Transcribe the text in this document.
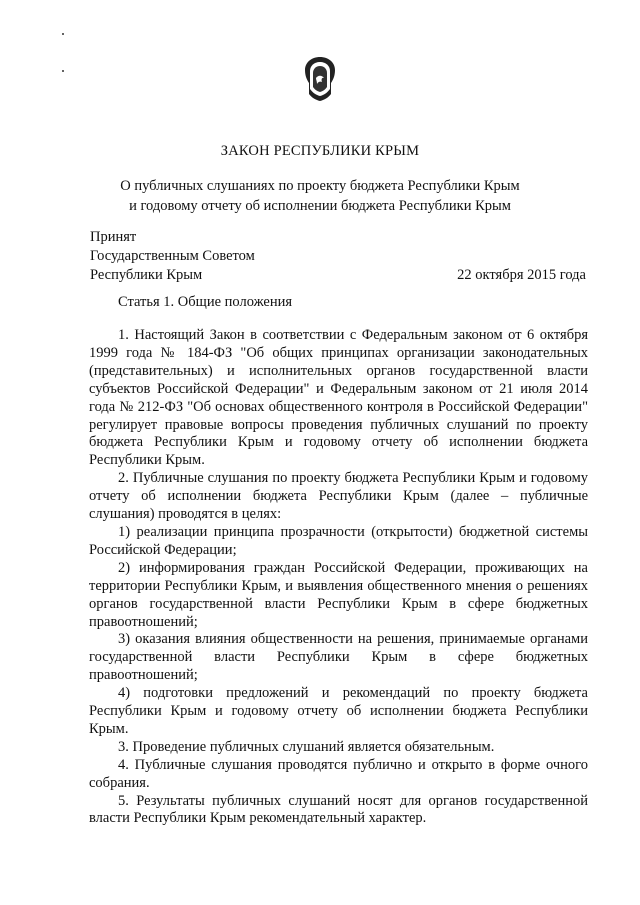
ЗАКОН РЕСПУБЛИКИ КРЫМ
О публичных слушаниях по проекту бюджета Республики Крым
и годовому отчету об исполнении бюджета Республики Крым
Принят
Государственным Советом
Республики Крым	22 октября 2015 года
Статья 1. Общие положения

1. Настоящий Закон в соответствии с Федеральным законом от 6 октября 1999 года № 184-ФЗ "Об общих принципах организации законодательных (представительных) и исполнительных органов государственной власти субъектов Российской Федерации" и Федеральным законом от 21 июля 2014 года № 212-ФЗ "Об основах общественного контроля в Российской Федерации" регулирует правовые вопросы проведения публичных слушаний по проекту бюджета Республики Крым и годовому отчету об исполнении бюджета Республики Крым.

2. Публичные слушания по проекту бюджета Республики Крым и годовому отчету об исполнении бюджета Республики Крым (далее – публичные слушания) проводятся в целях:

1) реализации принципа прозрачности (открытости) бюджетной системы Российской Федерации;

2) информирования граждан Российской Федерации, проживающих на территории Республики Крым, и выявления общественного мнения о решениях органов государственной власти Республики Крым в сфере бюджетных правоотношений;

3) оказания влияния общественности на решения, принимаемые органами государственной власти Республики Крым в сфере бюджетных правоотношений;

4) подготовки предложений и рекомендаций по проекту бюджета Республики Крым и годовому отчету об исполнении бюджета Республики Крым.

3. Проведение публичных слушаний является обязательным.

4. Публичные слушания проводятся публично и открыто в форме очного собрания.

5. Результаты публичных слушаний носят для органов государственной власти Республики Крым рекомендательный характер.
